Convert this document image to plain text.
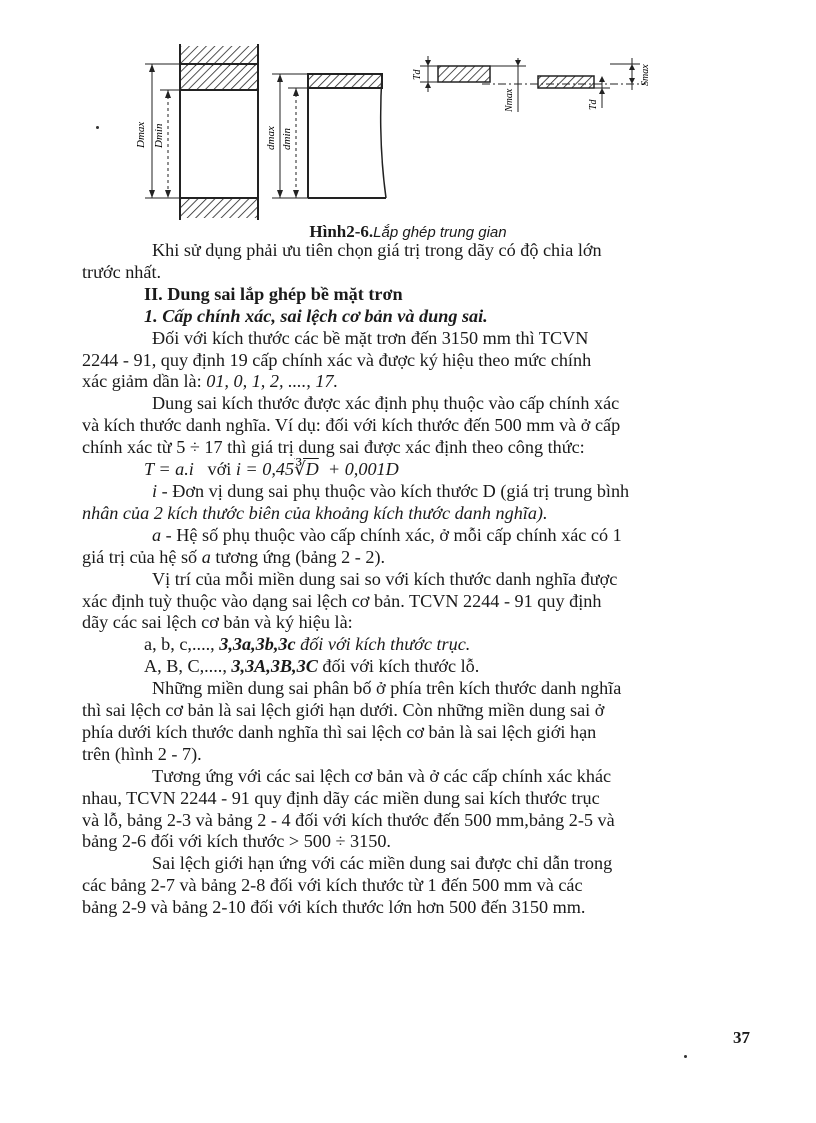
Dmax Dmin	dmax dmin
Td
Nmax	Td
Smax
Hình2-6.Lắp ghép trung gian

Khi sử dụng phải ưu tiên chọn giá trị trong dãy có độ chia lớn
trước nhất.

II. Dung sai lắp ghép bề mặt trơn

1. Cấp chính xác, sai lệch cơ bản và dung sai.

Đối với kích thước các bề mặt trơn đến 3150 mm thì TCVN
2244 - 91, quy định 19 cấp chính xác và được ký hiệu theo mức chính
xác giảm dần là: 01, 0, 1, 2, ...., 17.

Dung sai kích thước được xác định phụ thuộc vào cấp chính xác
và kích thước danh nghĩa. Ví dụ: đối với kích thước đến 500 mm và ở cấp
chính xác từ 5 ÷ 17 thì giá trị dung sai được xác định theo công thức:

T = a.i với i = 0,45∛D + 0,001D

i - Đơn vị dung sai phụ thuộc vào kích thước D (giá trị trung bình
nhân của 2 kích thước biên của khoảng kích thước danh nghĩa).

a - Hệ số phụ thuộc vào cấp chính xác, ở mỗi cấp chính xác có 1
giá trị của hệ số a tương ứng (bảng 2 - 2).

Vị trí của mỗi miền dung sai so với kích thước danh nghĩa được
xác định tuỳ thuộc vào dạng sai lệch cơ bản. TCVN 2244 - 91 quy định
dãy các sai lệch cơ bản và ký hiệu là:
a, b, c,...., 3,3a,3b,3c đối với kích thước trục.
A, B, C,...., 3,3A,3B,3C đối với kích thước lỗ.

Những miền dung sai phân bố ở phía trên kích thước danh nghĩa
thì sai lệch cơ bản là sai lệch giới hạn dưới. Còn những miền dung sai ở
phía dưới kích thước danh nghĩa thì sai lệch cơ bản là sai lệch giới hạn
trên (hình 2 - 7).

Tương ứng với các sai lệch cơ bản và ở các cấp chính xác khác
nhau, TCVN 2244 - 91 quy định dãy các miền dung sai kích thước trục
và lỗ, bảng 2-3 và bảng 2 - 4 đối với kích thước đến 500 mm,bảng 2-5 và
bảng 2-6 đối với kích thước > 500 ÷ 3150.

Sai lệch giới hạn ứng với các miền dung sai được chỉ dẫn trong
các bảng 2-7 và bảng 2-8 đối với kích thước từ 1 đến 500 mm và các
bảng 2-9 và bảng 2-10 đối với kích thước lớn hơn 500 đến 3150 mm.

37
